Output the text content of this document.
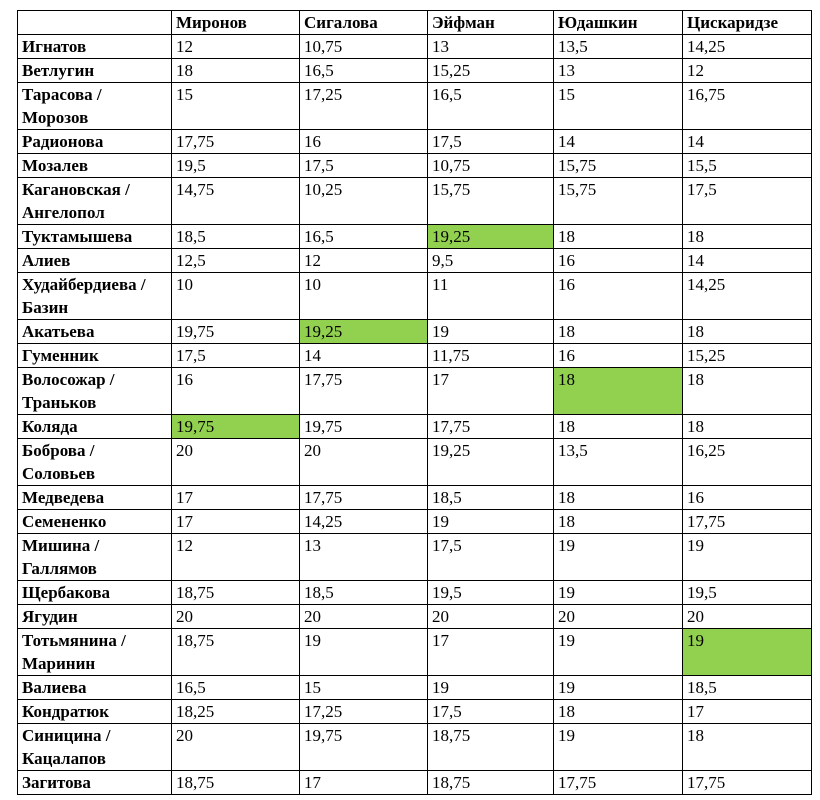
	Миронов	Сигалова	Эйфман	Юдашкин	Цискаридзе
Игнатов	12	10,75	13	13,5	14,25
Ветлугин	18	16,5	15,25	13	12
Тарасова / Морозов	15	17,25	16,5	15	16,75
Радионова	17,75	16	17,5	14	14
Мозалев	19,5	17,5	10,75	15,75	15,5
Кагановская / Ангелопол	14,75	10,25	15,75	15,75	17,5
Туктамышева	18,5	16,5	19,25	18	18
Алиев	12,5	12	9,5	16	14
Худайбердиева / Базин	10	10	11	16	14,25
Акатьева	19,75	19,25	19	18	18
Гуменник	17,5	14	11,75	16	15,25
Волосожар / Траньков	16	17,75	17	18	18
Коляда	19,75	19,75	17,75	18	18
Боброва / Соловьев	20	20	19,25	13,5	16,25
Медведева	17	17,75	18,5	18	16
Семененко	17	14,25	19	18	17,75
Мишина / Галлямов	12	13	17,5	19	19
Щербакова	18,75	18,5	19,5	19	19,5
Ягудин	20	20	20	20	20
Тотьмянина / Маринин	18,75	19	17	19	19
Валиева	16,5	15	19	19	18,5
Кондратюк	18,25	17,25	17,5	18	17
Синицина / Кацалапов	20	19,75	18,75	19	18
Загитова	18,75	17	18,75	17,75	17,75
